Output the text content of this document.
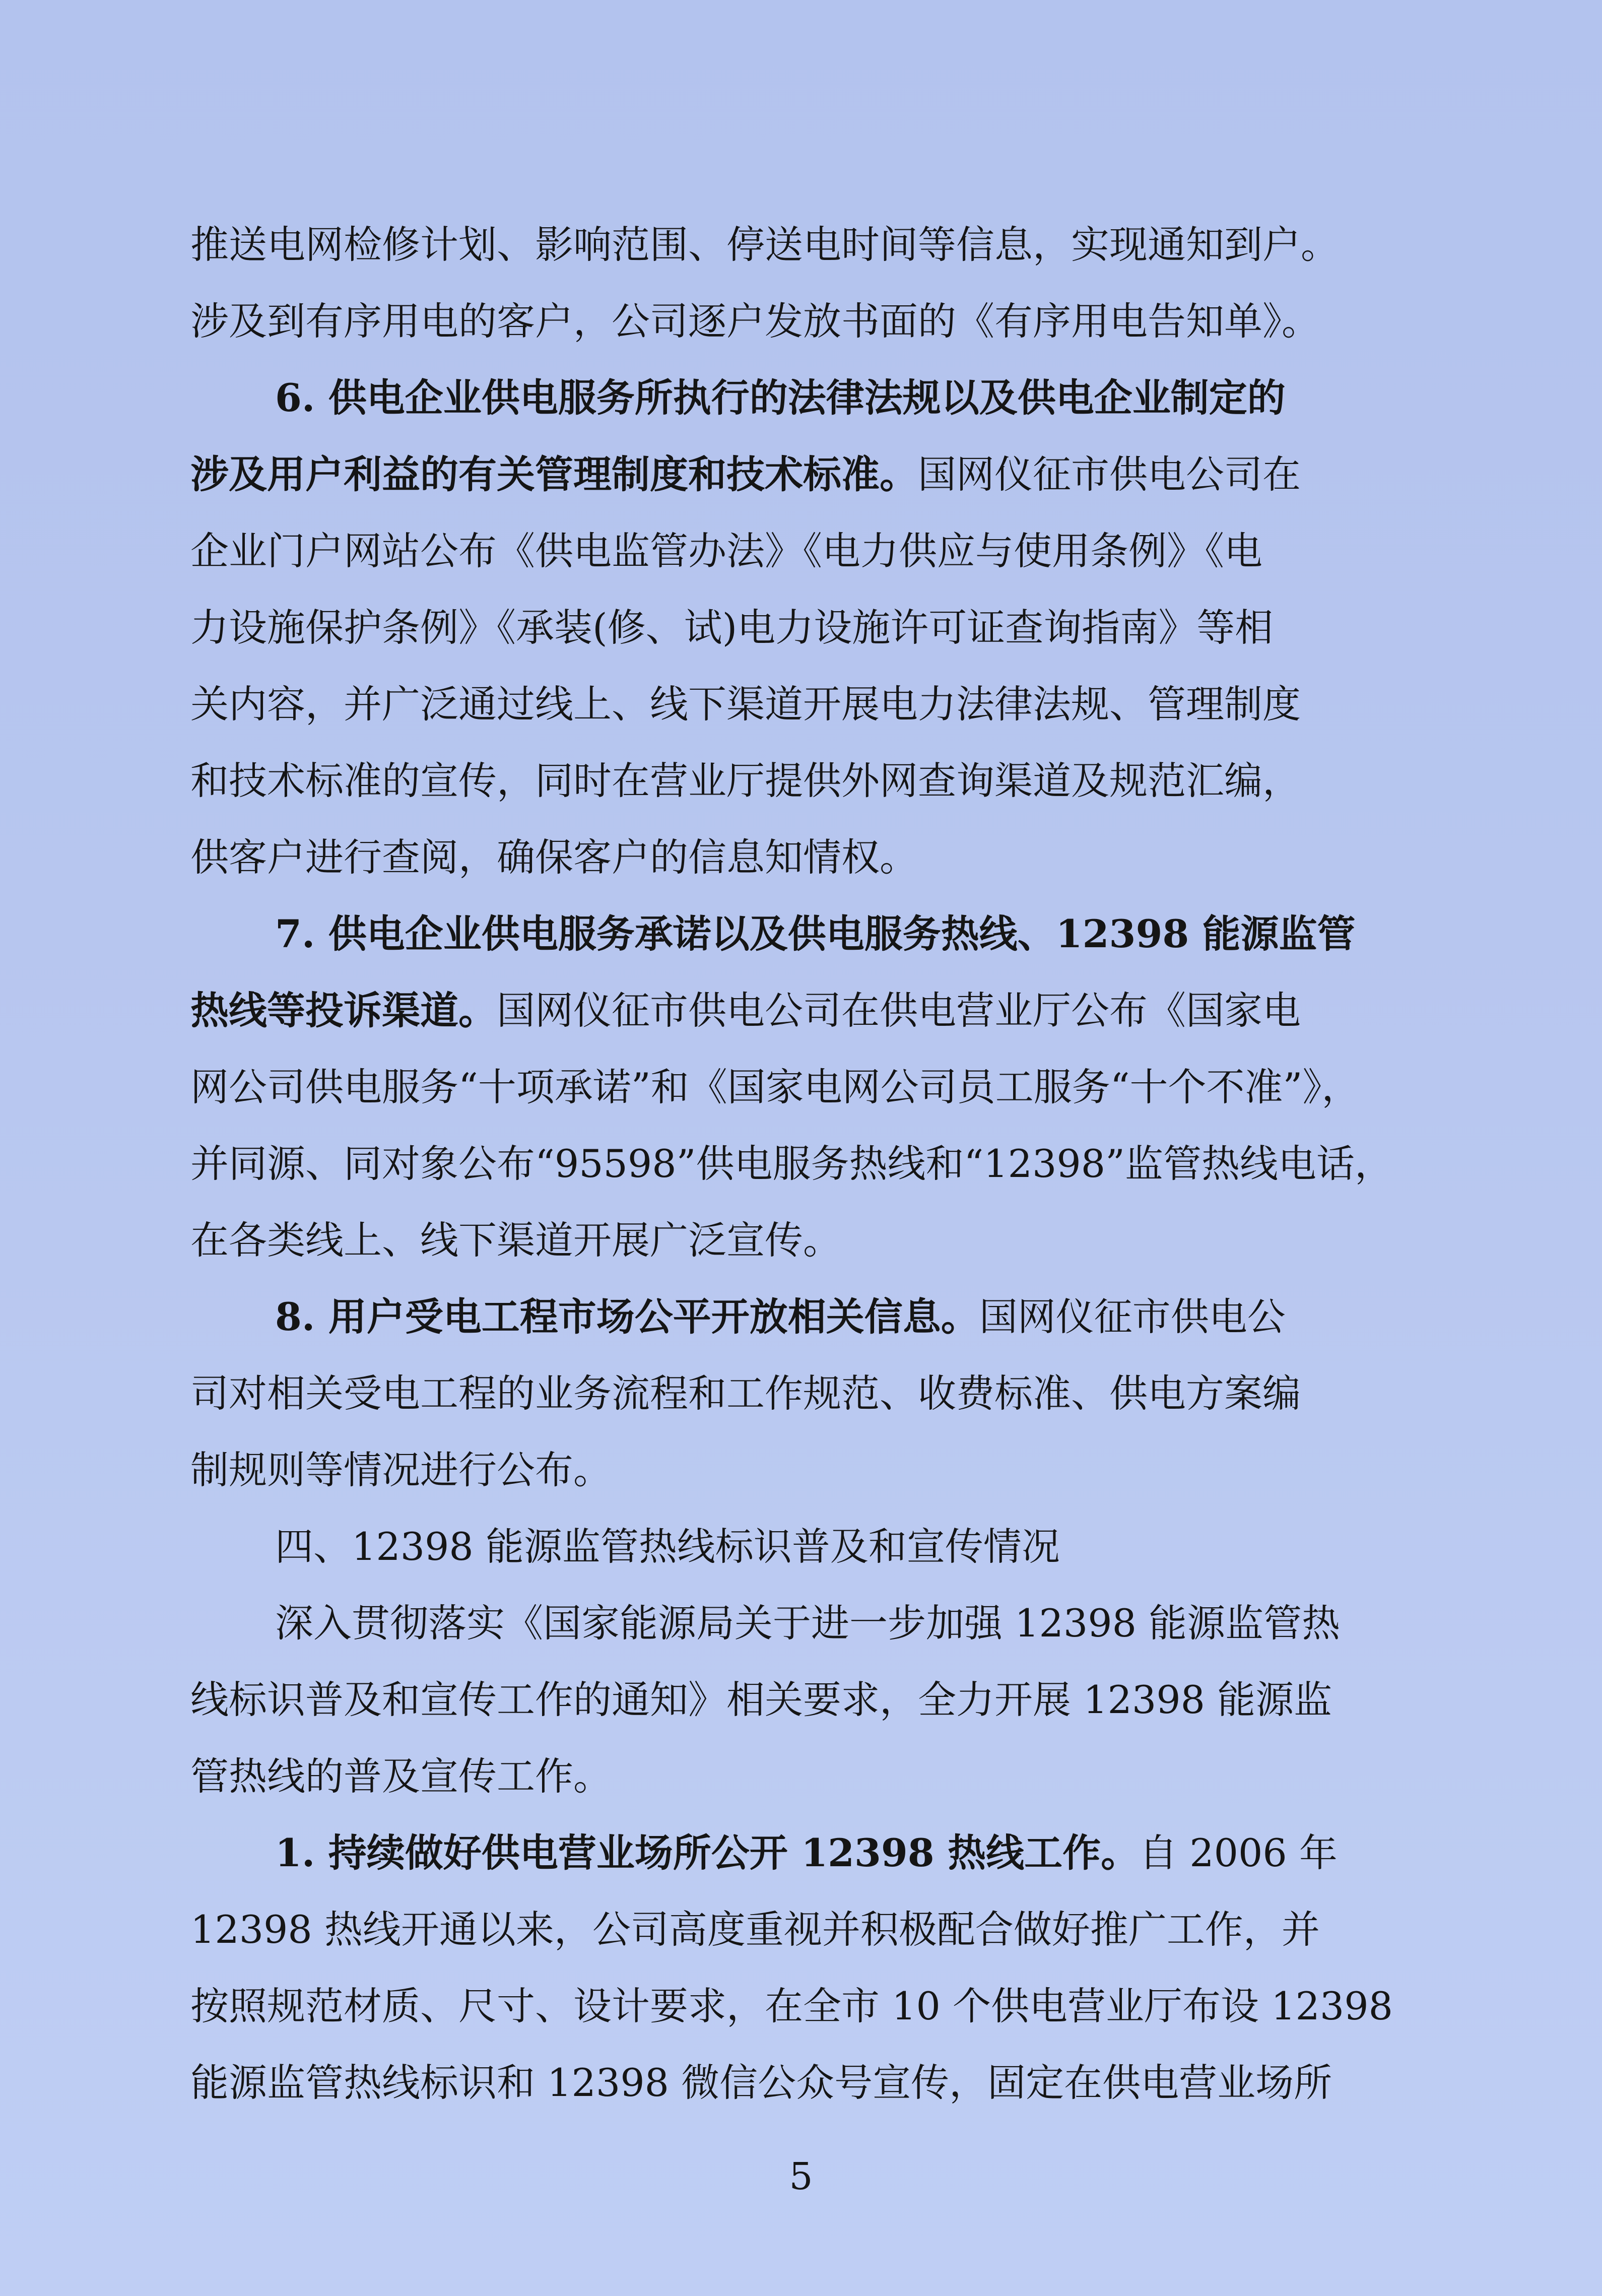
推送电网检修计划、影响范围、停送电时间等信息，实现通知到户。
涉及到有序用电的客户，公司逐户发放书面的《有序用电告知单》。
6. 供电企业供电服务所执行的法律法规以及供电企业制定的
涉及用户利益的有关管理制度和技术标准。国网仪征市供电公司在
企业门户网站公布《供电监管办法》《电力供应与使用条例》《电
力设施保护条例》《承装(修、试)电力设施许可证查询指南》等相
关内容，并广泛通过线上、线下渠道开展电力法律法规、管理制度
和技术标准的宣传，同时在营业厅提供外网查询渠道及规范汇编，
供客户进行查阅，确保客户的信息知情权。
7. 供电企业供电服务承诺以及供电服务热线、12398 能源监管
热线等投诉渠道。国网仪征市供电公司在供电营业厅公布《国家电
网公司供电服务“十项承诺”和《国家电网公司员工服务“十个不准”》，
并同源、同对象公布“95598”供电服务热线和“12398”监管热线电话，
在各类线上、线下渠道开展广泛宣传。
8. 用户受电工程市场公平开放相关信息。国网仪征市供电公
司对相关受电工程的业务流程和工作规范、收费标准、供电方案编
制规则等情况进行公布。
四、12398 能源监管热线标识普及和宣传情况
深入贯彻落实《国家能源局关于进一步加强 12398 能源监管热
线标识普及和宣传工作的通知》相关要求，全力开展 12398 能源监
管热线的普及宣传工作。
1. 持续做好供电营业场所公开 12398 热线工作。自 2006 年
12398 热线开通以来，公司高度重视并积极配合做好推广工作，并
按照规范材质、尺寸、设计要求，在全市 10 个供电营业厅布设 12398
能源监管热线标识和 12398 微信公众号宣传，固定在供电营业场所
5
